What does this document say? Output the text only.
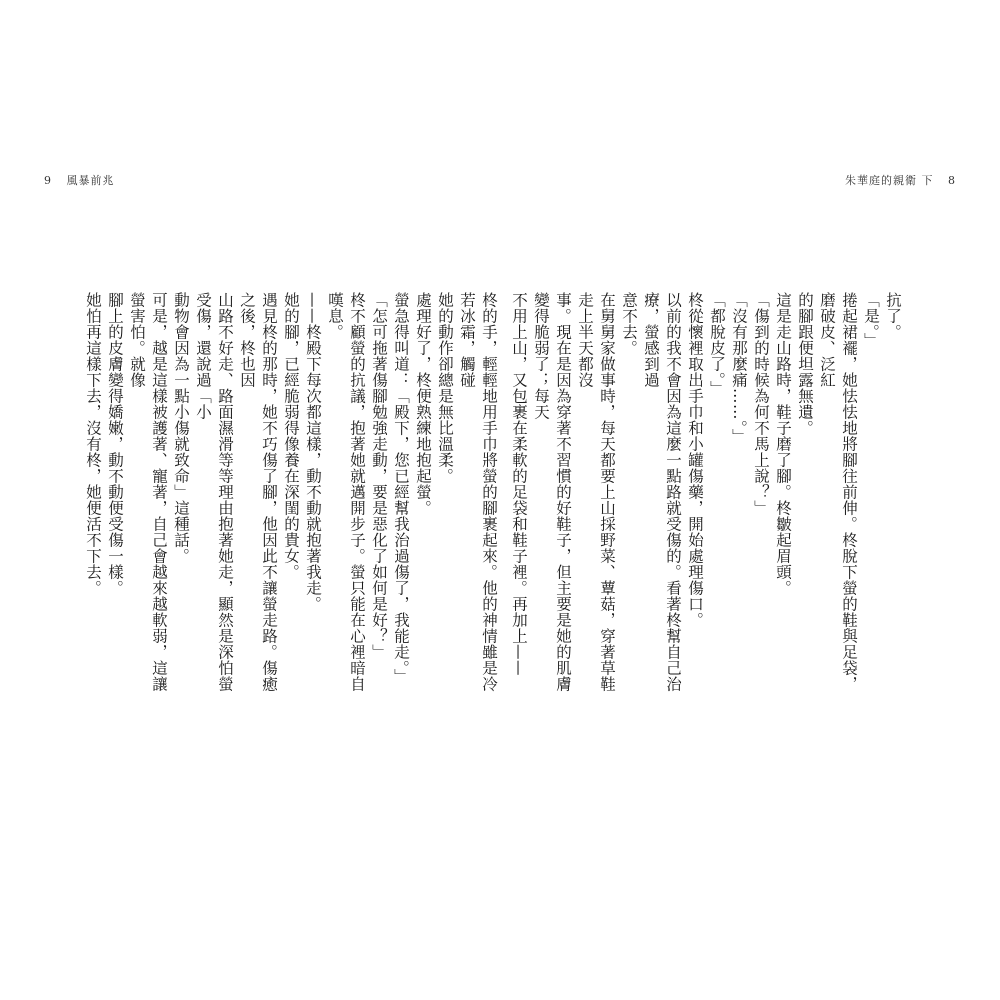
9 風暴前兆	朱華庭的親衛 下 8

抗了。

「是。」

捲起裙襬，她怯怯地將腳往前伸。柊脫下螢的鞋與足袋，磨破皮、泛紅

的腳跟便坦露無遺。

這是走山路時，鞋子磨了腳。柊皺起眉頭。

「傷到的時候為何不馬上說？」

「沒有那麼痛……。」

「都脫皮了。」

柊從懷裡取出手巾和小罐傷藥，開始處理傷口。

以前的我不會因為這麼一點路就受傷的。看著柊幫自己治療，螢感到過

意不去。

在舅舅家做事時，每天都要上山採野菜、蕈菇，穿著草鞋走上半天都沒

事。現在是因為穿著不習慣的好鞋子，但主要是她的肌膚變得脆弱了；每天

不用上山，又包裹在柔軟的足袋和鞋子裡。再加上——

柊的手，輕輕地用手巾將螢的腳裹起來。他的神情雖是冷若冰霜，觸碰

她的動作卻總是無比溫柔。

處理好了，柊便熟練地抱起螢。

螢急得叫道：「殿下，您已經幫我治過傷了，我能走。」

「怎可拖著傷腳勉強走動，要是惡化了如何是好？」

柊不顧螢的抗議，抱著她就邁開步子。螢只能在心裡暗自嘆息。

——柊殿下每次都這樣，動不動就抱著我走。

她的腳，已經脆弱得像養在深閨的貴女。

遇見柊的那時，她不巧傷了腳，他因此不讓螢走路。傷癒之後，柊也因

山路不好走、路面濕滑等等理由抱著她走，顯然是深怕螢受傷，還說過「小

動物會因為一點小傷就致命」這種話。

可是，越是這樣被護著、寵著，自己會越來越軟弱，這讓螢害怕。就像

腳上的皮膚變得嬌嫩，動不動便受傷一樣。

她怕再這樣下去，沒有柊，她便活不下去。
